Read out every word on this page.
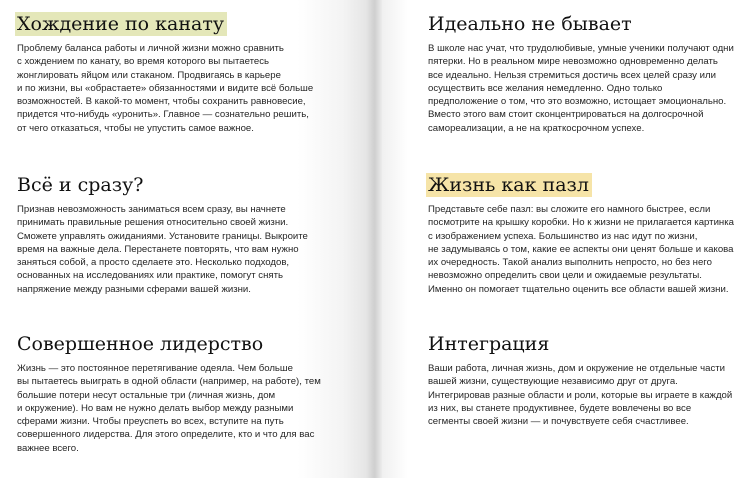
Хождение по канату
Проблему баланса работы и личной жизни можно сравнить
с хождением по канату, во время которого вы пытаетесь
жонглировать яйцом или стаканом. Продвигаясь в карьере
и по жизни, вы «обрастаете» обязанностями и видите всё больше
возможностей. В какой-то момент, чтобы сохранить равновесие,
придется что-нибудь «уронить». Главное — сознательно решить,
от чего отказаться, чтобы не упустить самое важное.
Всё и сразу?
Признав невозможность заниматься всем сразу, вы начнете
принимать правильные решения относительно своей жизни.
Сможете управлять ожиданиями. Установите границы. Выкроите
время на важные дела. Перестанете повторять, что вам нужно
заняться собой, а просто сделаете это. Несколько подходов,
основанных на исследованиях или практике, помогут снять
напряжение между разными сферами вашей жизни.
Совершенное лидерство
Жизнь — это постоянное перетягивание одеяла. Чем больше
вы пытаетесь выиграть в одной области (например, на работе), тем
большие потери несут остальные три (личная жизнь, дом
и окружение). Но вам не нужно делать выбор между разными
сферами жизни. Чтобы преуспеть во всех, вступите на путь
совершенного лидерства. Для этого определите, кто и что для вас
важнее всего.
Идеально не бывает
В школе нас учат, что трудолюбивые, умные ученики получают одни
пятерки. Но в реальном мире невозможно одновременно делать
все идеально. Нельзя стремиться достичь всех целей сразу или
осуществить все желания немедленно. Одно только
предположение о том, что это возможно, истощает эмоционально.
Вместо этого вам стоит сконцентрироваться на долгосрочной
самореализации, а не на краткосрочном успехе.
Жизнь как пазл
Представьте себе пазл: вы сложите его намного быстрее, если
посмотрите на крышку коробки. Но к жизни не прилагается картинка
с изображением успеха. Большинство из нас идут по жизни,
не задумываясь о том, какие ее аспекты они ценят больше и какова
их очередность. Такой анализ выполнить непросто, но без него
невозможно определить свои цели и ожидаемые результаты.
Именно он помогает тщательно оценить все области вашей жизни.
Интеграция
Ваши работа, личная жизнь, дом и окружение не отдельные части
вашей жизни, существующие независимо друг от друга.
Интегрировав разные области и роли, которые вы играете в каждой
из них, вы станете продуктивнее, будете вовлечены во все
сегменты своей жизни — и почувствуете себя счастливее.
